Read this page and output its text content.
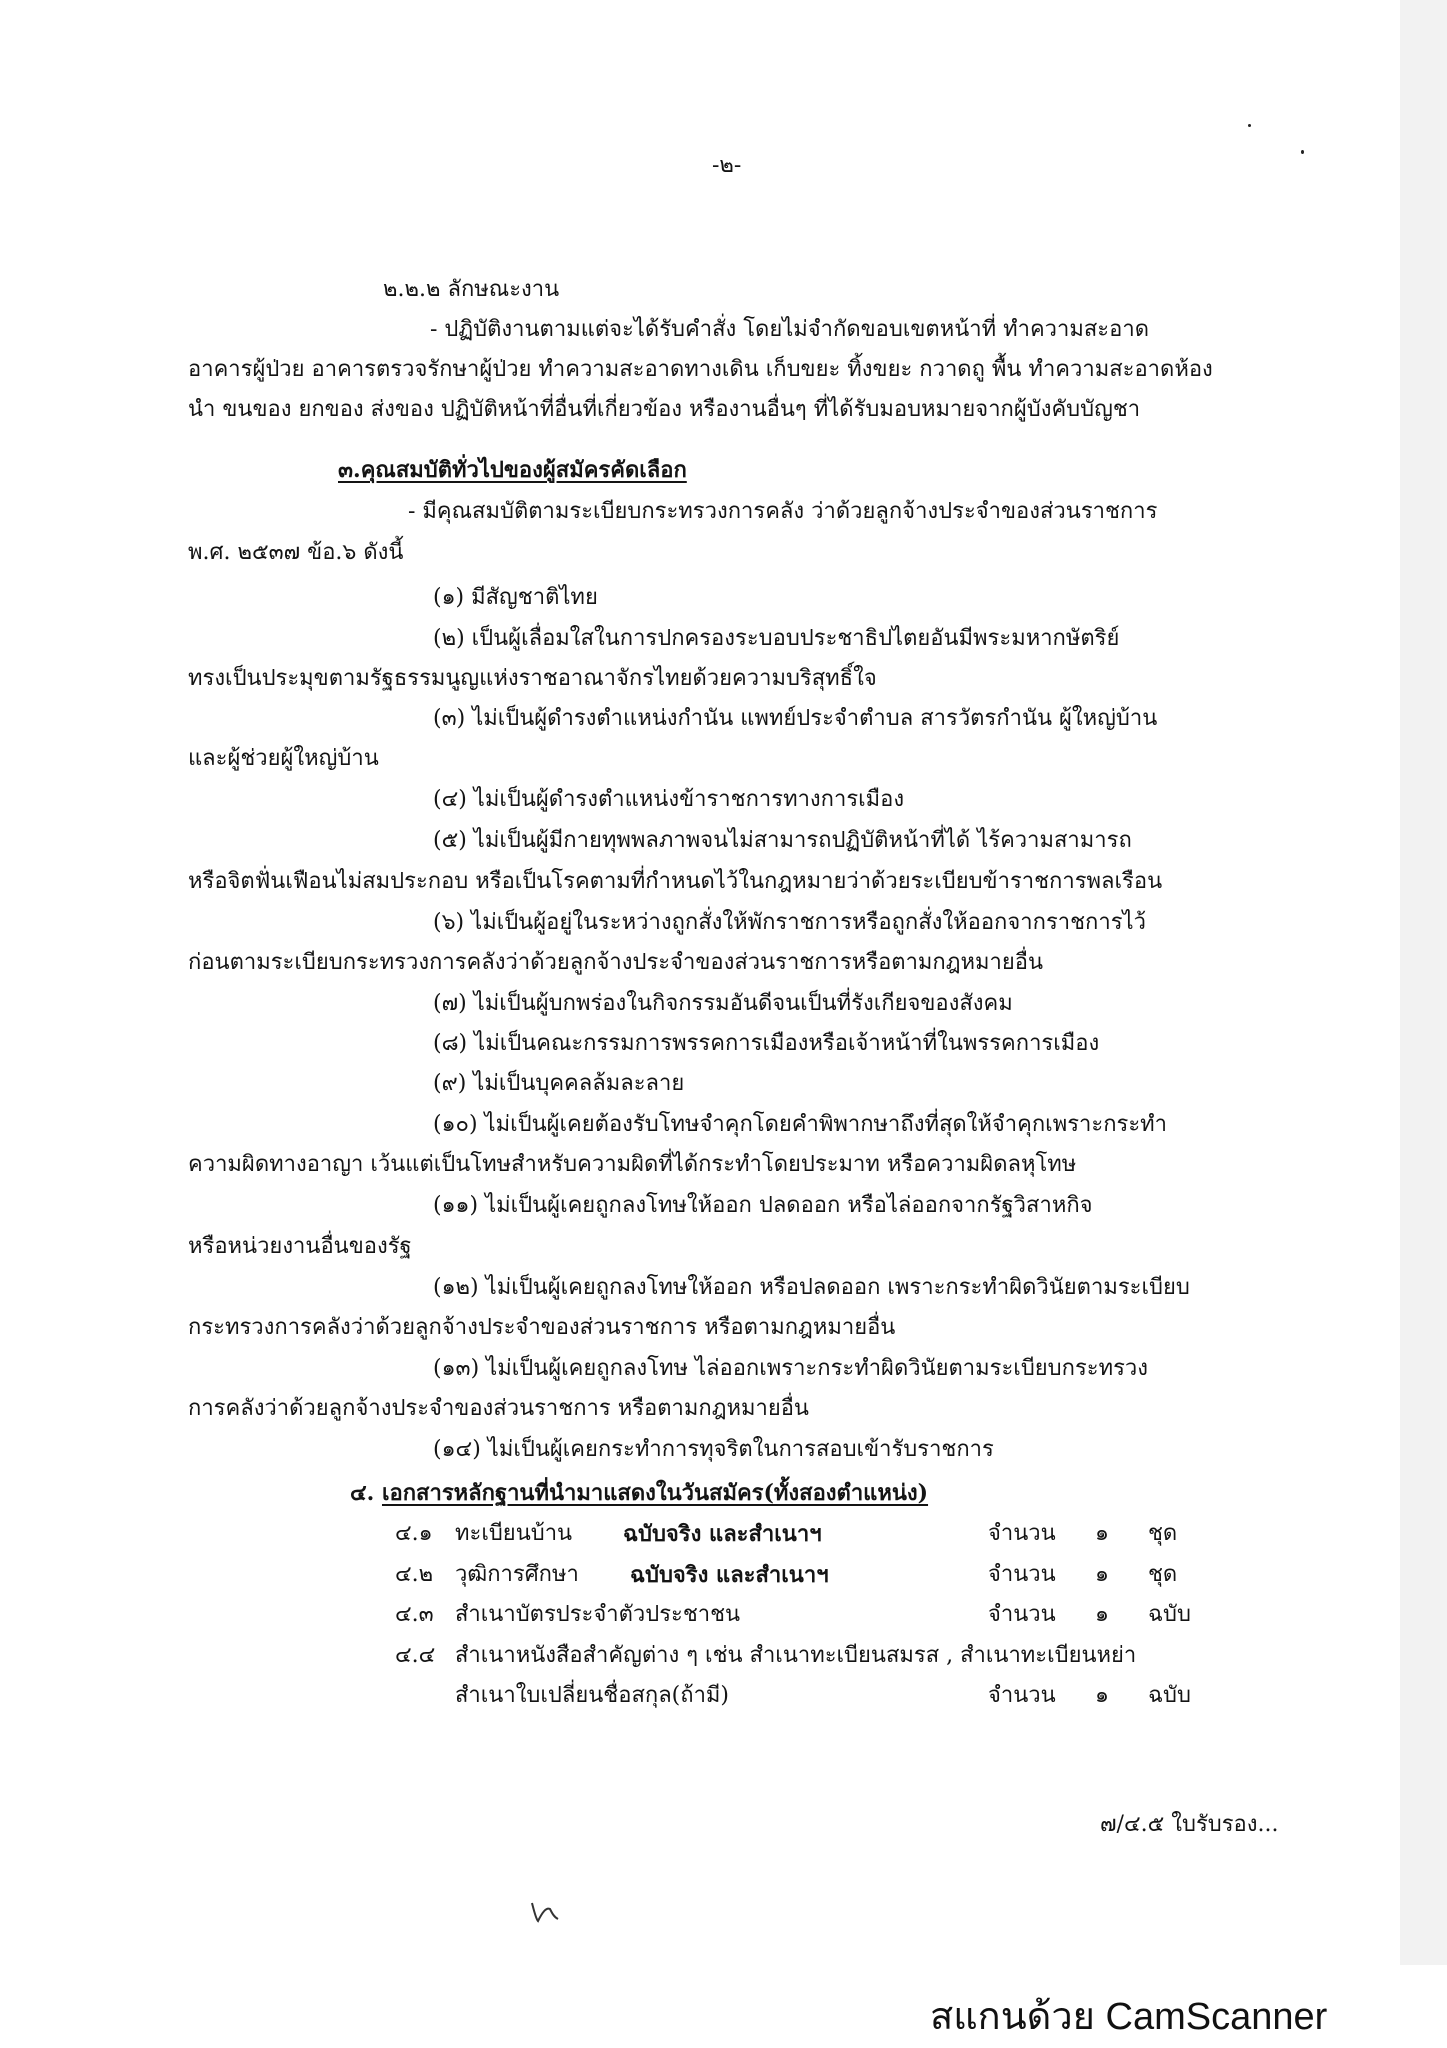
-๒-
๒.๒.๒ ลักษณะงาน
- ปฏิบัติงานตามแต่จะได้รับคำสั่ง โดยไม่จำกัดขอบเขตหน้าที่ ทำความสะอาด
อาคารผู้ป่วย อาคารตรวจรักษาผู้ป่วย ทำความสะอาดทางเดิน เก็บขยะ ทิ้งขยะ กวาดถู พื้น ทำความสะอาดห้อง
นำ ขนของ ยกของ ส่งของ ปฏิบัติหน้าที่อื่นที่เกี่ยวข้อง หรืองานอื่นๆ ที่ได้รับมอบหมายจากผู้บังคับบัญชา
๓.คุณสมบัติทั่วไปของผู้สมัครคัดเลือก
- มีคุณสมบัติตามระเบียบกระทรวงการคลัง ว่าด้วยลูกจ้างประจำของส่วนราชการ
พ.ศ. ๒๕๓๗ ข้อ.๖ ดังนี้
(๑) มีสัญชาติไทย
(๒) เป็นผู้เลื่อมใสในการปกครองระบอบประชาธิปไตยอันมีพระมหากษัตริย์
ทรงเป็นประมุขตามรัฐธรรมนูญแห่งราชอาณาจักรไทยด้วยความบริสุทธิ์ใจ
(๓) ไม่เป็นผู้ดำรงตำแหน่งกำนัน แพทย์ประจำตำบล สารวัตรกำนัน ผู้ใหญ่บ้าน
และผู้ช่วยผู้ใหญ่บ้าน
(๔) ไม่เป็นผู้ดำรงตำแหน่งข้าราชการทางการเมือง
(๕) ไม่เป็นผู้มีกายทุพพลภาพจนไม่สามารถปฏิบัติหน้าที่ได้ ไร้ความสามารถ
หรือจิตฟั่นเฟือนไม่สมประกอบ หรือเป็นโรคตามที่กำหนดไว้ในกฎหมายว่าด้วยระเบียบข้าราชการพลเรือน
(๖) ไม่เป็นผู้อยู่ในระหว่างถูกสั่งให้พักราชการหรือถูกสั่งให้ออกจากราชการไว้
ก่อนตามระเบียบกระทรวงการคลังว่าด้วยลูกจ้างประจำของส่วนราชการหรือตามกฎหมายอื่น
(๗) ไม่เป็นผู้บกพร่องในกิจกรรมอันดีจนเป็นที่รังเกียจของสังคม
(๘) ไม่เป็นคณะกรรมการพรรคการเมืองหรือเจ้าหน้าที่ในพรรคการเมือง
(๙) ไม่เป็นบุคคลล้มละลาย
(๑๐) ไม่เป็นผู้เคยต้องรับโทษจำคุกโดยคำพิพากษาถึงที่สุดให้จำคุกเพราะกระทำ
ความผิดทางอาญา เว้นแต่เป็นโทษสำหรับความผิดที่ได้กระทำโดยประมาท หรือความผิดลหุโทษ
(๑๑) ไม่เป็นผู้เคยถูกลงโทษให้ออก ปลดออก หรือไล่ออกจากรัฐวิสาหกิจ
หรือหน่วยงานอื่นของรัฐ
(๑๒) ไม่เป็นผู้เคยถูกลงโทษให้ออก หรือปลดออก เพราะกระทำผิดวินัยตามระเบียบ
กระทรวงการคลังว่าด้วยลูกจ้างประจำของส่วนราชการ หรือตามกฎหมายอื่น
(๑๓) ไม่เป็นผู้เคยถูกลงโทษ ไล่ออกเพราะกระทำผิดวินัยตามระเบียบกระทรวง
การคลังว่าด้วยลูกจ้างประจำของส่วนราชการ หรือตามกฎหมายอื่น
(๑๔) ไม่เป็นผู้เคยกระทำการทุจริตในการสอบเข้ารับราชการ
๔. เอกสารหลักฐานที่นำมาแสดงในวันสมัคร(ทั้งสองตำแหน่ง)
๔.๑ ทะเบียนบ้าน ฉบับจริง และสำเนาฯ	จำนวน ๑ ชุด
๔.๒ วุฒิการศึกษา ฉบับจริง และสำเนาฯ	จำนวน ๑ ชุด
๔.๓ สำเนาบัตรประจำตัวประชาชน	จำนวน ๑ ฉบับ
๔.๔ สำเนาหนังสือสำคัญต่าง ๆ เช่น สำเนาทะเบียนสมรส , สำเนาทะเบียนหย่า
สำเนาใบเปลี่ยนชื่อสกุล(ถ้ามี)	จำนวน ๑ ฉบับ
๗/๔.๕ ใบรับรอง...
สแกนด้วย CamScanner
